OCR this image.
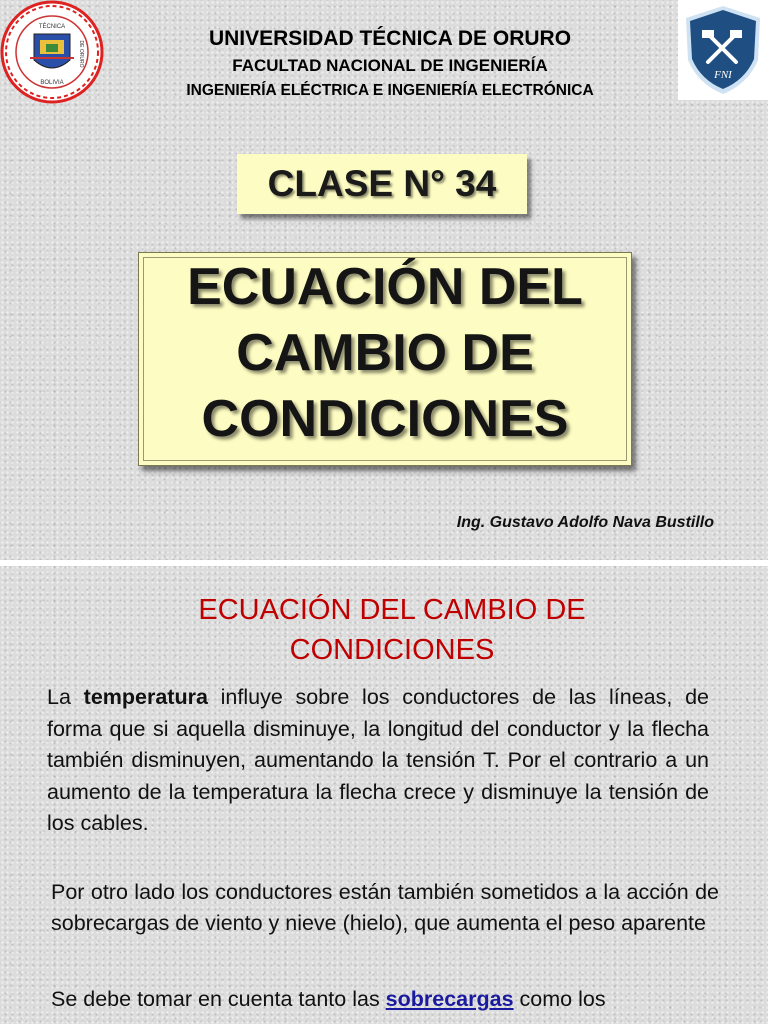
TÉCNICA
BOLIVIA
DE ORURO
UNIVERSIDAD TÉCNICA DE ORURO
FACULTAD NACIONAL DE INGENIERÍA
INGENIERÍA ELÉCTRICA E INGENIERÍA ELECTRÓNICA
FNI
CLASE N° 34
ECUACIÓN DEL
CAMBIO DE
CONDICIONES
Ing. Gustavo Adolfo Nava Bustillo
ECUACIÓN DEL CAMBIO DE
CONDICIONES

La temperatura influye sobre los conductores de las líneas, de forma que si aquella disminuye, la longitud del conductor y la flecha también disminuyen, aumentando la tensión T. Por el contrario a un aumento de la temperatura la flecha crece y disminuye la tensión de los cables.

Por otro lado los conductores están también sometidos a la acción de sobrecargas de viento y nieve (hielo), que aumenta el peso aparente

Se debe tomar en cuenta tanto las sobrecargas como los
